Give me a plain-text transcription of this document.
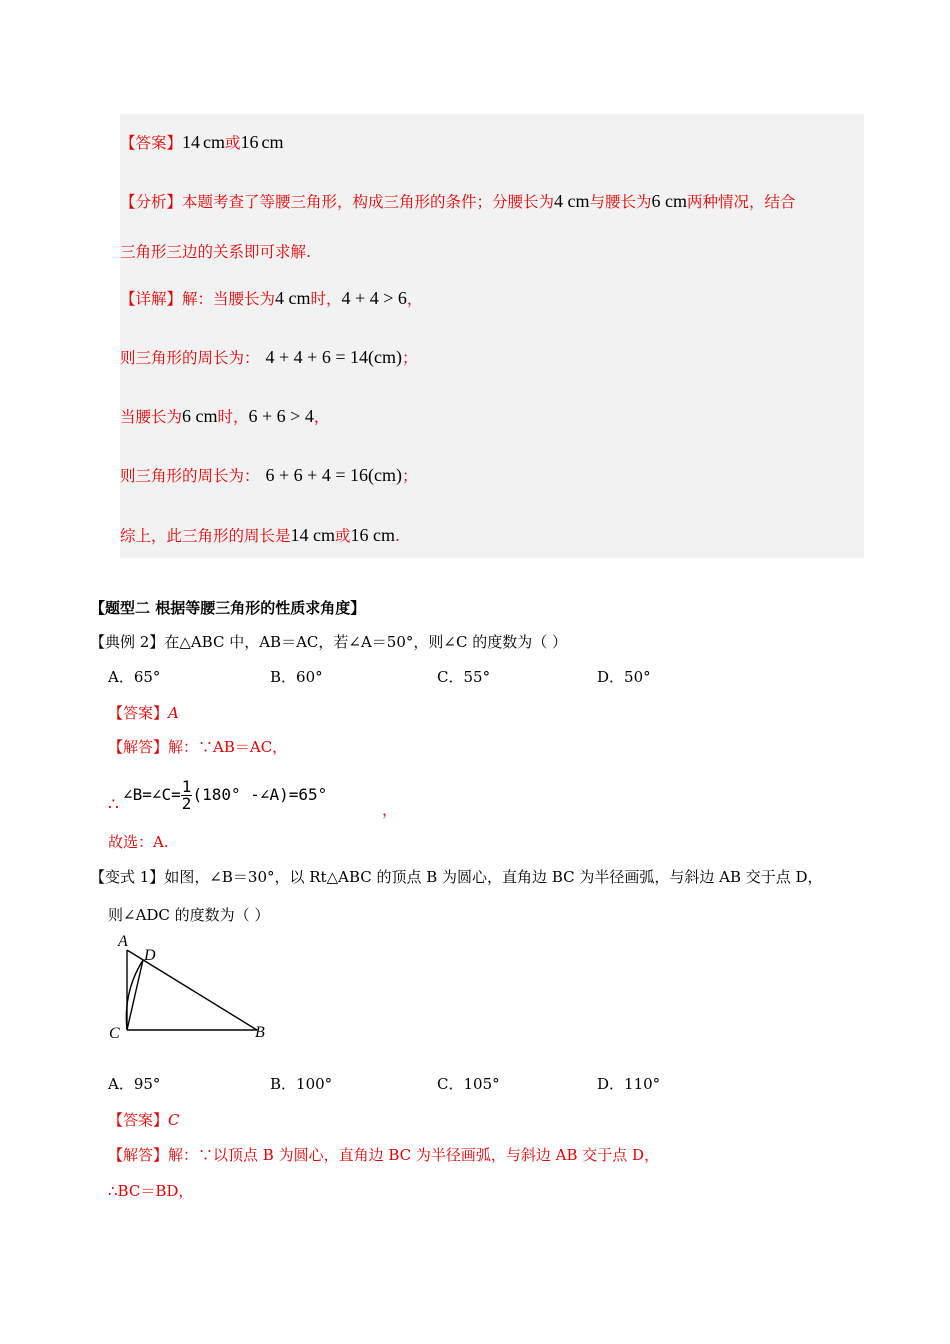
【答案】14 cm或16 cm
【分析】本题考查了等腰三角形，构成三角形的条件；分腰长为4 cm与腰长为6 cm两种情况，结合
三角形三边的关系即可求解.
【详解】解：当腰长为4 cm时，4 + 4 > 6，
则三角形的周长为： 4 + 4 + 6 = 14(cm)；
当腰长为6 cm时，6 + 6 > 4，
则三角形的周长为： 6 + 6 + 4 = 16(cm)；
综上，此三角形的周长是14 cm或16 cm.
【题型二 根据等腰三角形的性质求角度】
【典例 2】在△ABC 中，AB＝AC，若∠A＝50°，则∠C 的度数为（ ）
A．65°	B．60°	C．55°	D．50°
【答案】A
【解答】解：∵AB＝AC，
∴
∠B=∠C= $\frac{1}{2} (180^\circ$ -∠A)=65°
，
故选：A.
【变式 1】如图，∠B＝30°，以 Rt△ABC 的顶点 B 为圆心，直角边 BC 为半径画弧，与斜边 AB 交于点 D，
则∠ADC 的度数为（ ）
A
D
C	B
A．95°	B．100°	C．105°	D．110°
【答案】C
【解答】解：∵以顶点 B 为圆心，直角边 BC 为半径画弧，与斜边 AB 交于点 D，
∴BC＝BD，
